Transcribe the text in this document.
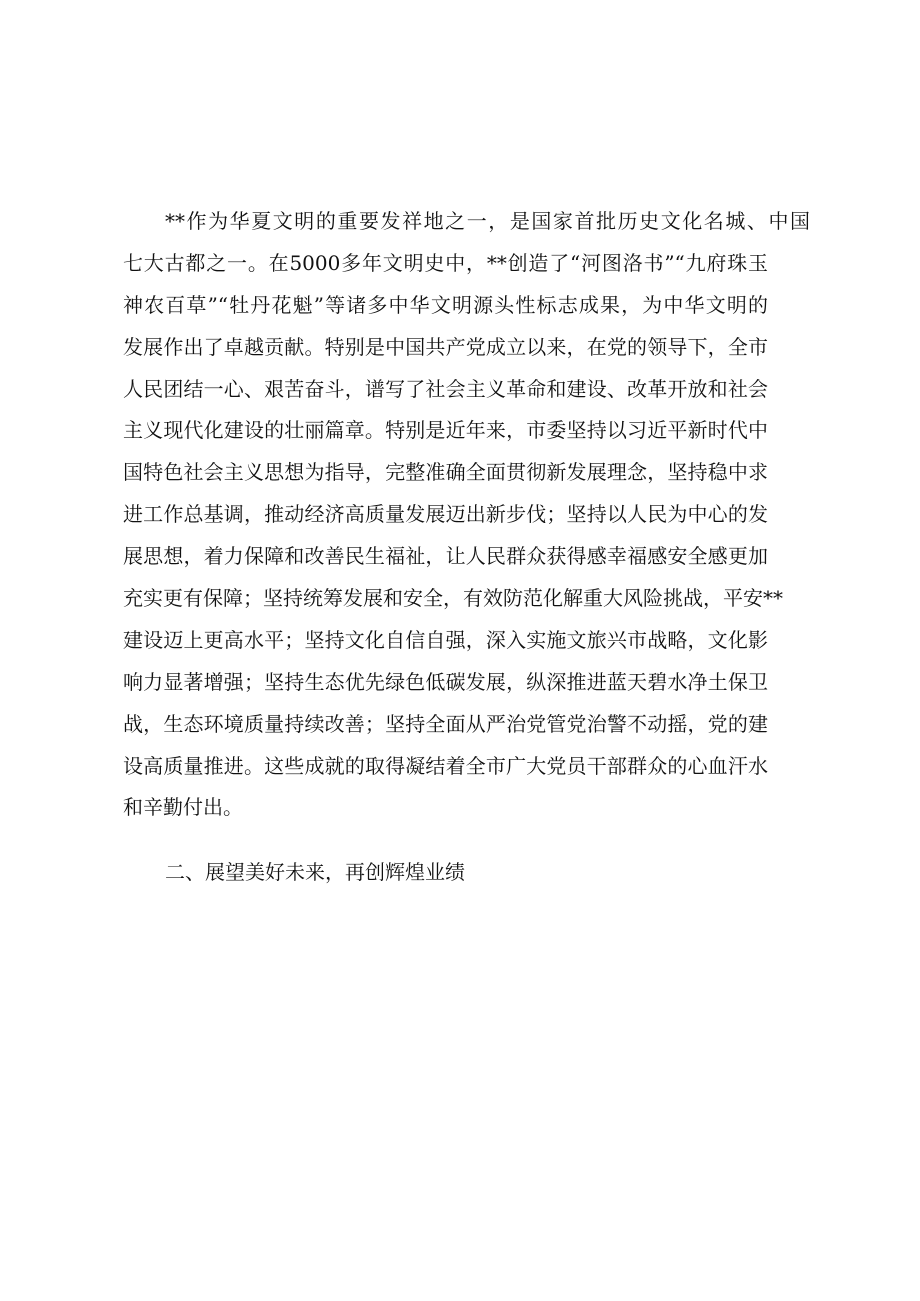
**作为华夏文明的重要发祥地之一，是国家首批历史文化名城、中国
七大古都之一。在5000多年文明史中，**创造了“河图洛书”“九府珠玉
神农百草”“牡丹花魁”等诸多中华文明源头性标志成果，为中华文明的
发展作出了卓越贡献。特别是中国共产党成立以来，在党的领导下，全市
人民团结一心、艰苦奋斗，谱写了社会主义革命和建设、改革开放和社会
主义现代化建设的壮丽篇章。特别是近年来，市委坚持以习近平新时代中
国特色社会主义思想为指导，完整准确全面贯彻新发展理念，坚持稳中求
进工作总基调，推动经济高质量发展迈出新步伐；坚持以人民为中心的发
展思想，着力保障和改善民生福祉，让人民群众获得感幸福感安全感更加
充实更有保障；坚持统筹发展和安全，有效防范化解重大风险挑战，平安**
建设迈上更高水平；坚持文化自信自强，深入实施文旅兴市战略，文化影
响力显著增强；坚持生态优先绿色低碳发展，纵深推进蓝天碧水净土保卫
战，生态环境质量持续改善；坚持全面从严治党管党治警不动摇，党的建
设高质量推进。这些成就的取得凝结着全市广大党员干部群众的心血汗水
和辛勤付出。
二、展望美好未来，再创辉煌业绩
